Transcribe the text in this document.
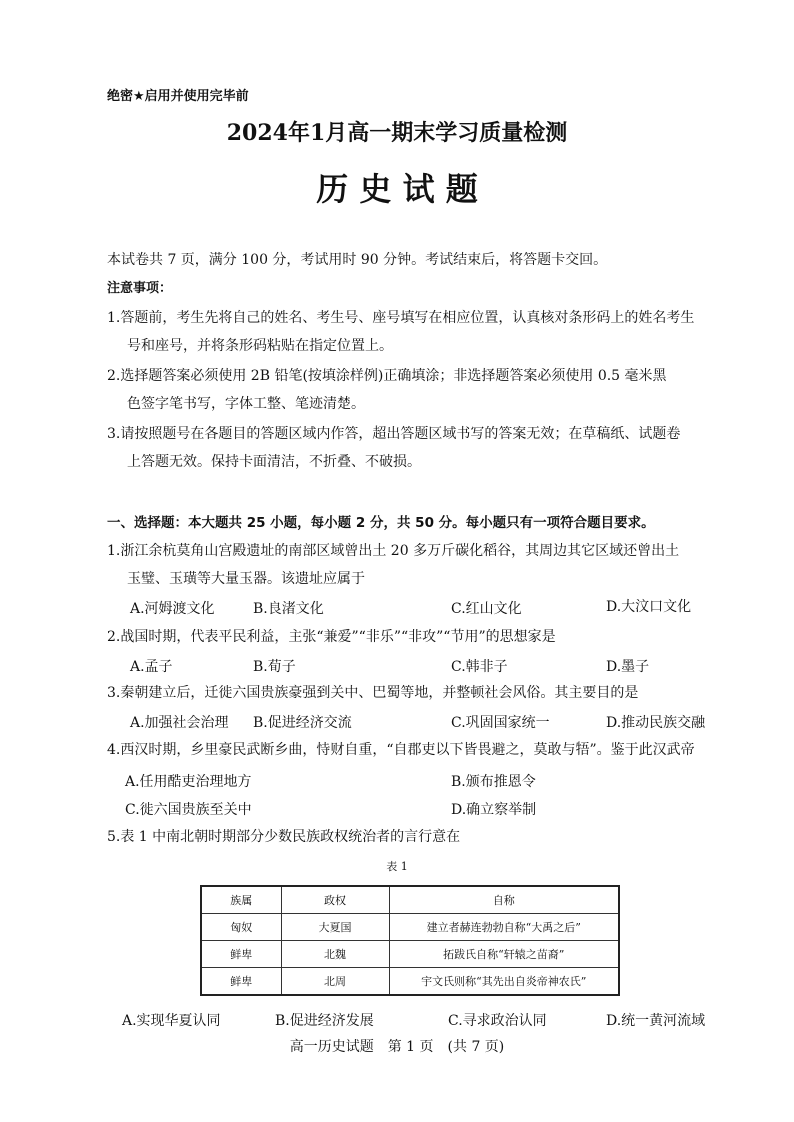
绝密★启用并使用完毕前
2024年1月高一期末学习质量检测
历 史 试 题
本试卷共 7 页，满分 100 分，考试用时 90 分钟。考试结束后，将答题卡交回。
注意事项：
1.答题前，考生先将自己的姓名、考生号、座号填写在相应位置，认真核对条形码上的姓名考生
号和座号，并将条形码粘贴在指定位置上。
2.选择题答案必须使用 2B 铅笔(按填涂样例)正确填涂；非选择题答案必须使用 0.5 毫米黑
色签字笔书写，字体工整、笔迹清楚。
3.请按照题号在各题目的答题区域内作答，超出答题区域书写的答案无效；在草稿纸、试题卷
上答题无效。保持卡面清洁，不折叠、不破损。
一、选择题：本大题共 25 小题，每小题 2 分，共 50 分。每小题只有一项符合题目要求。
1.浙江余杭莫角山宫殿遗址的南部区域曾出土 20 多万斤碳化稻谷，其周边其它区域还曾出土
玉璧、玉璜等大量玉器。该遗址应属于
A.河姆渡文化	B.良渚文化	C.红山文化	D.大汶口文化
2.战国时期，代表平民利益，主张“兼爱”“非乐”“非攻”“节用”的思想家是
A.孟子	B.荀子	C.韩非子	D.墨子
3.秦朝建立后，迁徙六国贵族豪强到关中、巴蜀等地，并整顿社会风俗。其主要目的是
A.加强社会治理 B.促进经济交流	C.巩固国家统一	D.推动民族交融
4.西汉时期，乡里豪民武断乡曲，恃财自重，“自郡吏以下皆畏避之，莫敢与牾”。鉴于此汉武帝
A.任用酷吏治理地方	B.颁布推恩令
C.徙六国贵族至关中	D.确立察举制
5.表 1 中南北朝时期部分少数民族政权统治者的言行意在
表 1
族属	政权	自称
匈奴	大夏国	建立者赫连勃勃自称“大禹之后”
鲜卑	北魏	拓跋氏自称“轩辕之苗裔”
鲜卑	北周	宇文氏则称“其先出自炎帝神农氏”
A.实现华夏认同	B.促进经济发展	C.寻求政治认同	D.统一黄河流域
高一历史试题　第 1 页　(共 7 页)
